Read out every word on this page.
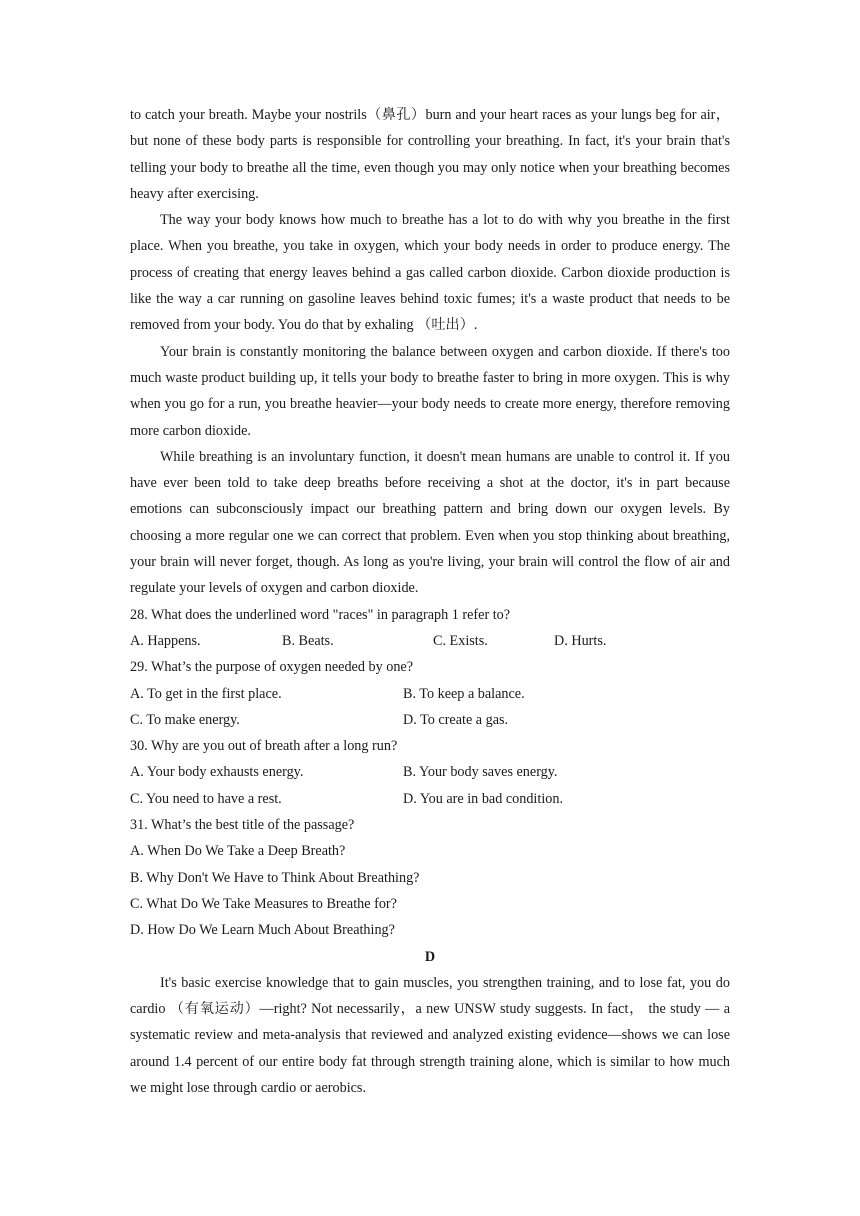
to catch your breath. Maybe your nostrils（鼻孔）burn and your heart races as your lungs beg for air，but none of these body parts is responsible for controlling your breathing. In fact, it's your brain that's telling your body to breathe all the time, even though you may only notice when your breathing becomes heavy after exercising.

The way your body knows how much to breathe has a lot to do with why you breathe in the first place. When you breathe, you take in oxygen, which your body needs in order to produce energy. The process of creating that energy leaves behind a gas called carbon dioxide. Carbon dioxide production is like the way a car running on gasoline leaves behind toxic fumes; it's a waste product that needs to be removed from your body. You do that by exhaling （吐出）.

Your brain is constantly monitoring the balance between oxygen and carbon dioxide. If there's too much waste product building up, it tells your body to breathe faster to bring in more oxygen. This is why when you go for a run, you breathe heavier—your body needs to create more energy, therefore removing more carbon dioxide.

While breathing is an involuntary function, it doesn't mean humans are unable to control it. If you have ever been told to take deep breaths before receiving a shot at the doctor, it's in part because emotions can subconsciously impact our breathing pattern and bring down our oxygen levels. By choosing a more regular one we can correct that problem. Even when you stop thinking about breathing, your brain will never forget, though. As long as you're living, your brain will control the flow of air and regulate your levels of oxygen and carbon dioxide.

28. What does the underlined word "races" in paragraph 1 refer to?

A. Happens.	B. Beats.	C. Exists.	D. Hurts.

29. What’s the purpose of oxygen needed by one?

A. To get in the first place.	B. To keep a balance.
C. To make energy.	D. To create a gas.

30. Why are you out of breath after a long run?

A. Your body exhausts energy.	B. Your body saves energy.
C. You need to have a rest.	D. You are in bad condition.

31. What’s the best title of the passage?

A. When Do We Take a Deep Breath?
B. Why Don't We Have to Think About Breathing?
C. What Do We Take Measures to Breathe for?
D. How Do We Learn Much About Breathing?

D

It's basic exercise knowledge that to gain muscles, you strengthen training, and to lose fat, you do cardio （有氧运动）—right? Not necessarily，a new UNSW study suggests. In fact， the study — a systematic review and meta-analysis that reviewed and analyzed existing evidence—shows we can lose around 1.4 percent of our entire body fat through strength training alone, which is similar to how much we might lose through cardio or aerobics.
